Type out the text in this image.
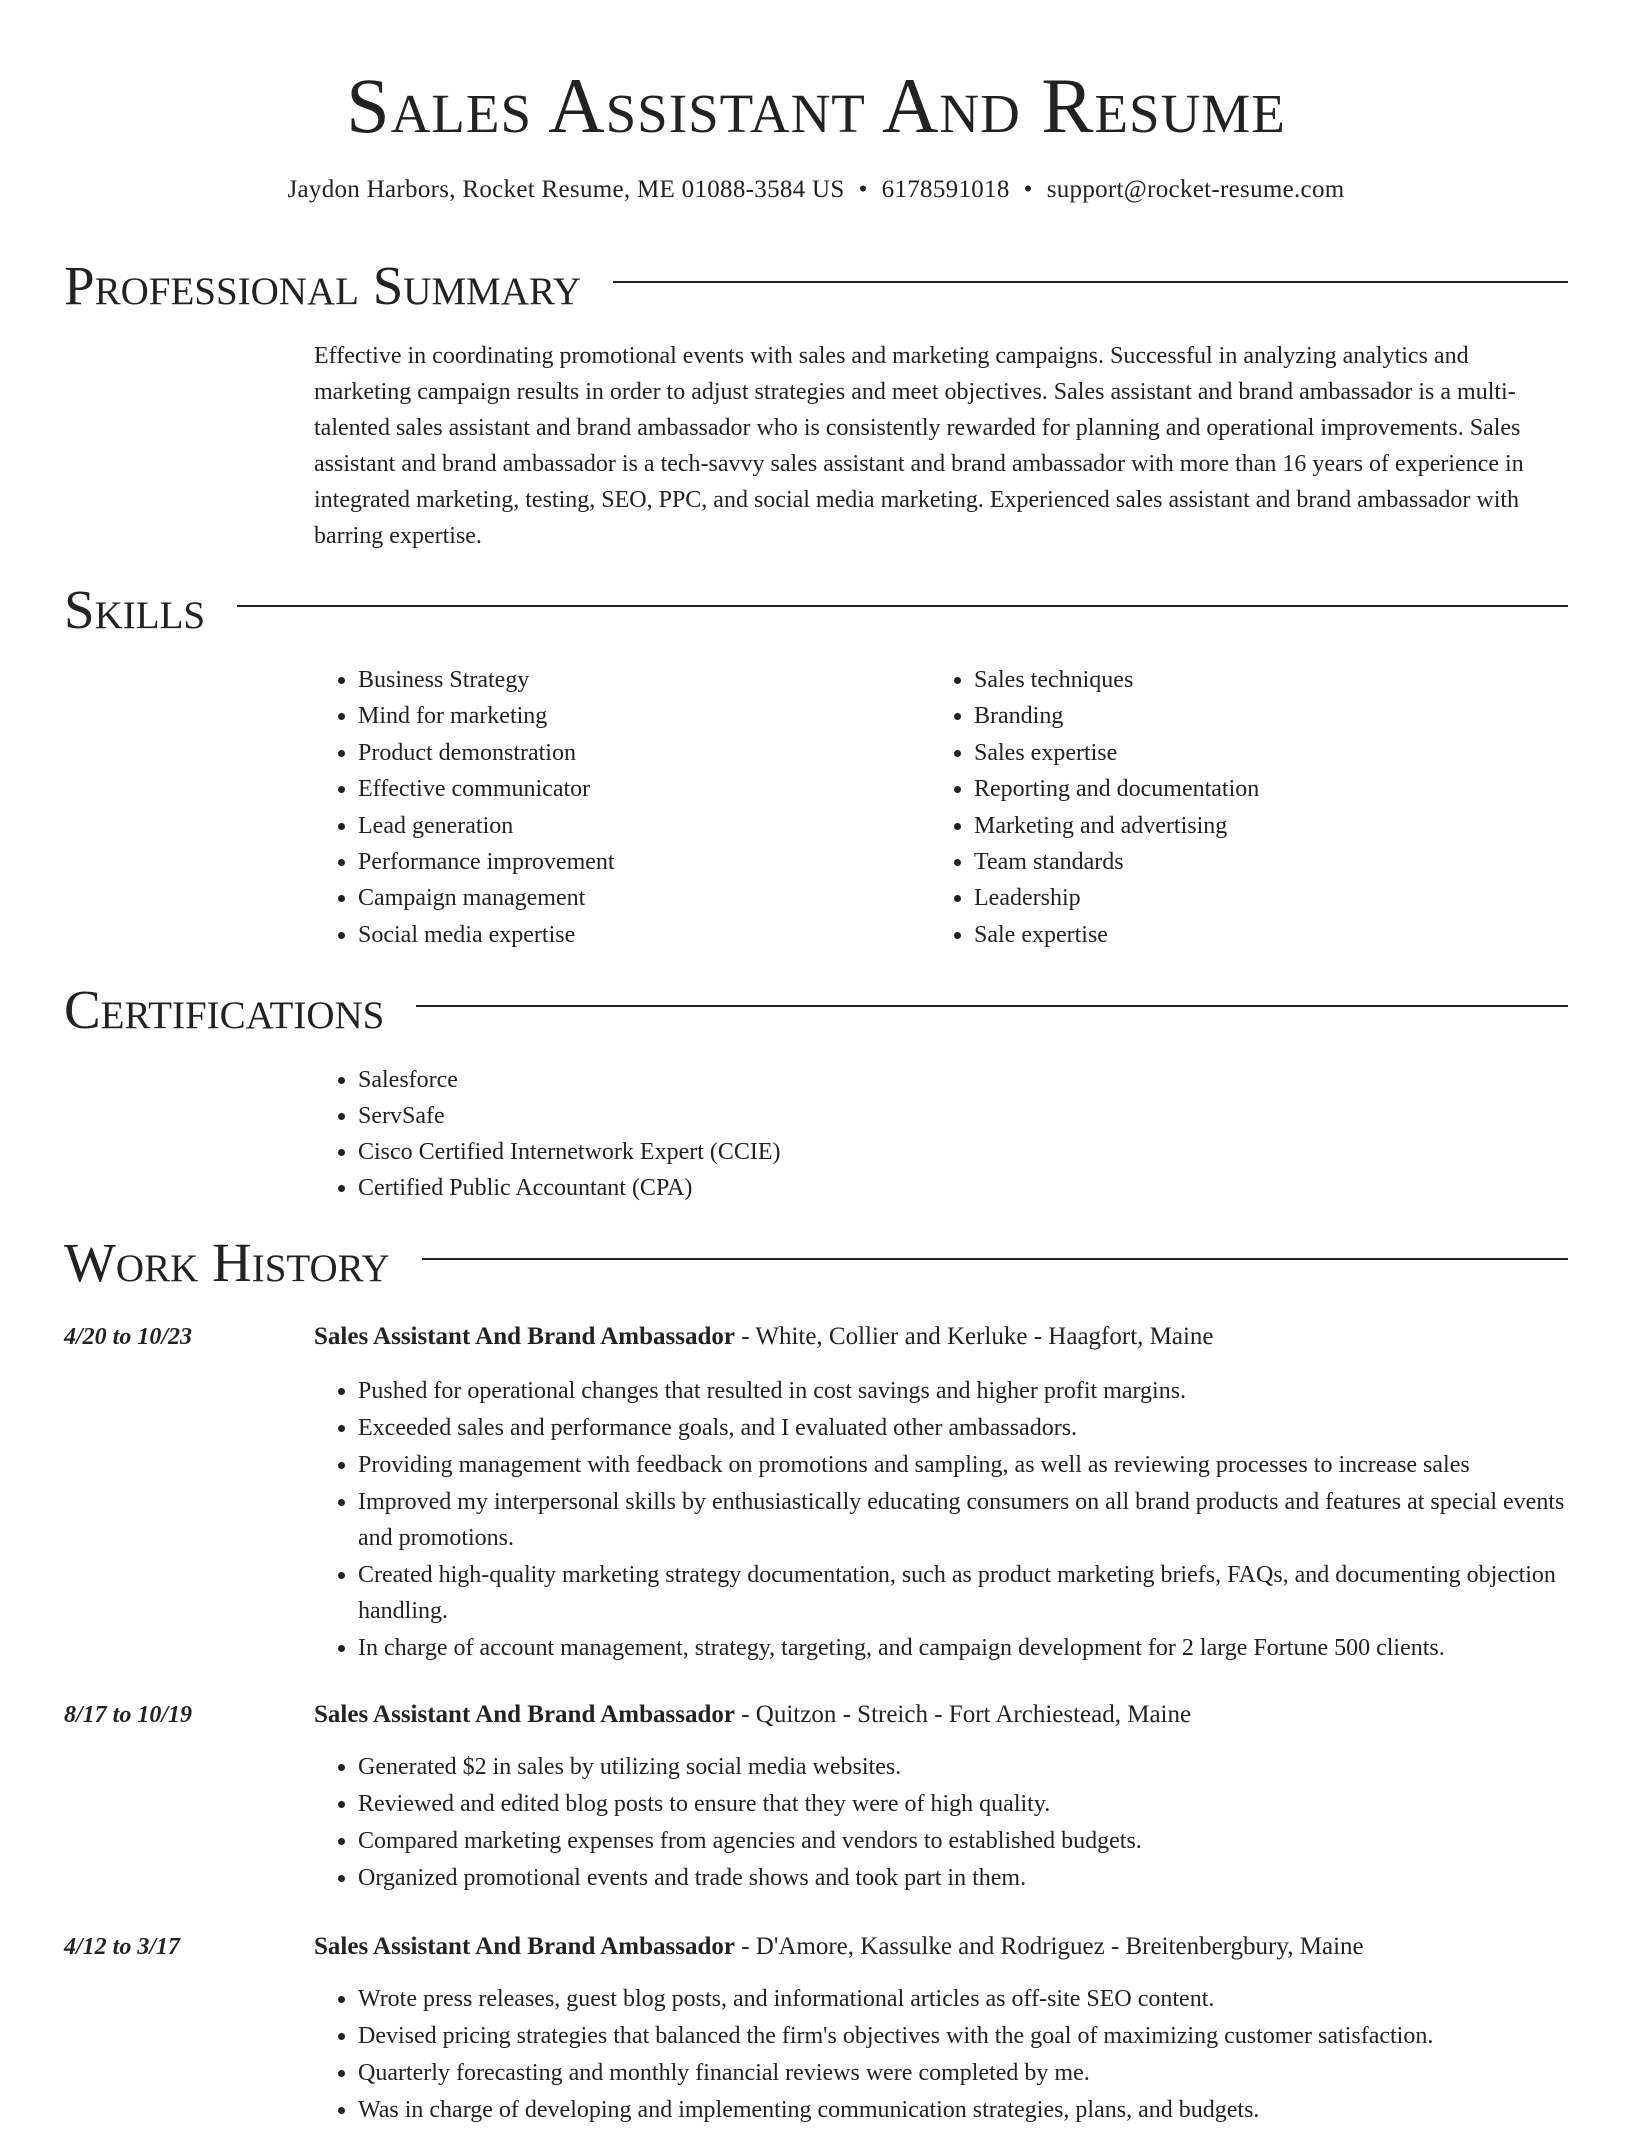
Sales Assistant And Resume
Jaydon Harbors, Rocket Resume, ME 01088-3584 US • 6178591018 • support@rocket-resume.com
Professional Summary

Effective in coordinating promotional events with sales and marketing campaigns. Successful in analyzing analytics and marketing campaign results in order to adjust strategies and meet objectives. Sales assistant and brand ambassador is a multi-talented sales assistant and brand ambassador who is consistently rewarded for planning and operational improvements. Sales assistant and brand ambassador is a tech-savvy sales assistant and brand ambassador with more than 16 years of experience in integrated marketing, testing, SEO, PPC, and social media marketing. Experienced sales assistant and brand ambassador with barring expertise.

Skills
• Business Strategy
• Mind for marketing
• Product demonstration
• Effective communicator
• Lead generation
• Performance improvement
• Campaign management
• Social media expertise
• Sales techniques
• Branding
• Sales expertise
• Reporting and documentation
• Marketing and advertising
• Team standards
• Leadership
• Sale expertise
Certifications
• Salesforce
• ServSafe
• Cisco Certified Internetwork Expert (CCIE)
• Certified Public Accountant (CPA)
Work History
4/20 to 10/23	Sales Assistant And Brand Ambassador - White, Collier and Kerluke - Haagfort, Maine
• Pushed for operational changes that resulted in cost savings and higher profit margins.
• Exceeded sales and performance goals, and I evaluated other ambassadors.
• Providing management with feedback on promotions and sampling, as well as reviewing processes to increase sales
• Improved my interpersonal skills by enthusiastically educating consumers on all brand products and features at special events and promotions.
• Created high-quality marketing strategy documentation, such as product marketing briefs, FAQs, and documenting objection handling.
• In charge of account management, strategy, targeting, and campaign development for 2 large Fortune 500 clients.
8/17 to 10/19	Sales Assistant And Brand Ambassador - Quitzon - Streich - Fort Archiestead, Maine
• Generated $2 in sales by utilizing social media websites.
• Reviewed and edited blog posts to ensure that they were of high quality.
• Compared marketing expenses from agencies and vendors to established budgets.
• Organized promotional events and trade shows and took part in them.
4/12 to 3/17	Sales Assistant And Brand Ambassador - D'Amore, Kassulke and Rodriguez - Breitenbergbury, Maine
• Wrote press releases, guest blog posts, and informational articles as off-site SEO content.
• Devised pricing strategies that balanced the firm's objectives with the goal of maximizing customer satisfaction.
• Quarterly forecasting and monthly financial reviews were completed by me.
• Was in charge of developing and implementing communication strategies, plans, and budgets.
